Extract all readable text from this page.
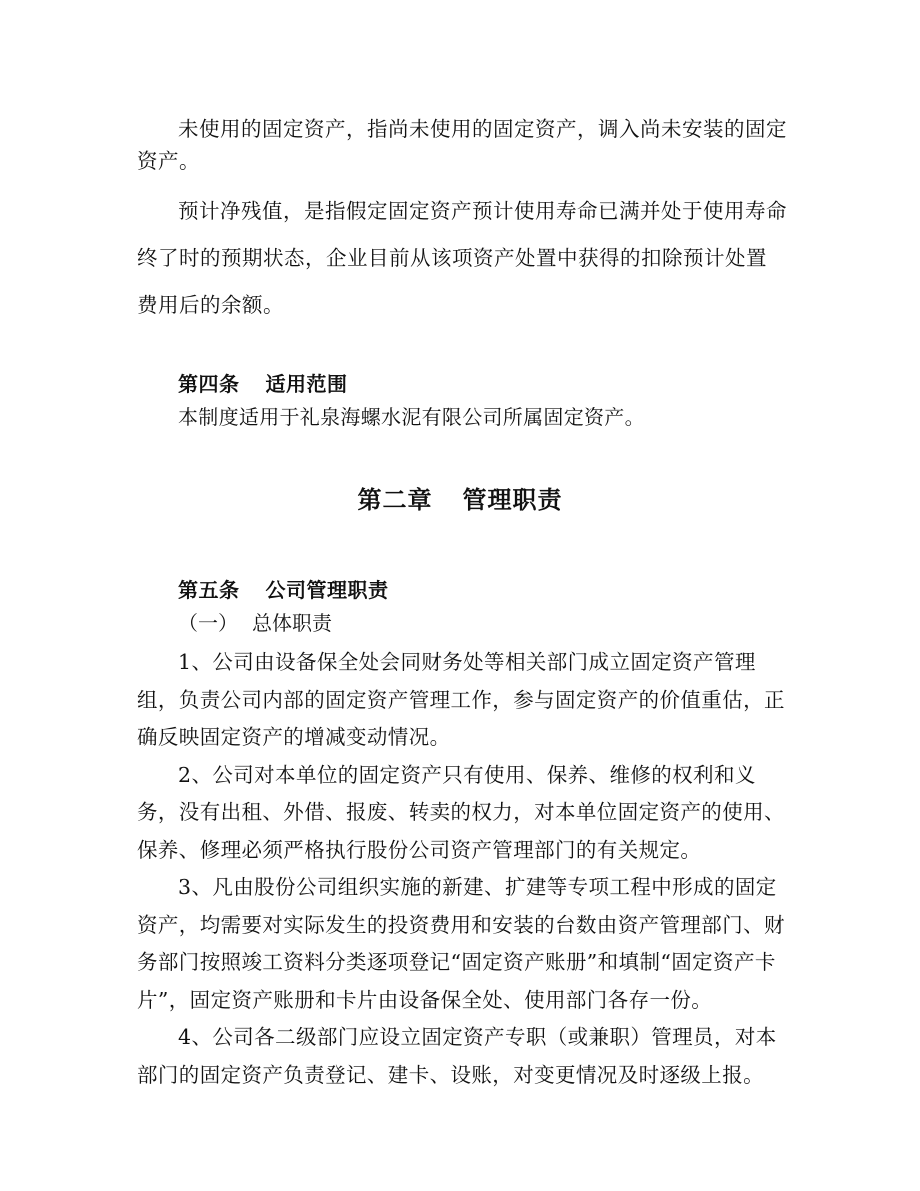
未使用的固定资产，指尚未使用的固定资产，调入尚未安装的固定资产。

预计净残值，是指假定固定资产预计使用寿命已满并处于使用寿命终了时的预期状态，企业目前从该项资产处置中获得的扣除预计处置费用后的余额。

第四条 适用范围

本制度适用于礼泉海螺水泥有限公司所属固定资产。

第二章 管理职责

第五条 公司管理职责

（一） 总体职责

1、公司由设备保全处会同财务处等相关部门成立固定资产管理组，负责公司内部的固定资产管理工作，参与固定资产的价值重估，正确反映固定资产的增减变动情况。

2、公司对本单位的固定资产只有使用、保养、维修的权利和义务，没有出租、外借、报废、转卖的权力，对本单位固定资产的使用、保养、修理必须严格执行股份公司资产管理部门的有关规定。

3、凡由股份公司组织实施的新建、扩建等专项工程中形成的固定资产，均需要对实际发生的投资费用和安装的台数由资产管理部门、财务部门按照竣工资料分类逐项登记“固定资产账册”和填制“固定资产卡片”，固定资产账册和卡片由设备保全处、使用部门各存一份。

4、公司各二级部门应设立固定资产专职（或兼职）管理员，对本部门的固定资产负责登记、建卡、设账，对变更情况及时逐级上报。
